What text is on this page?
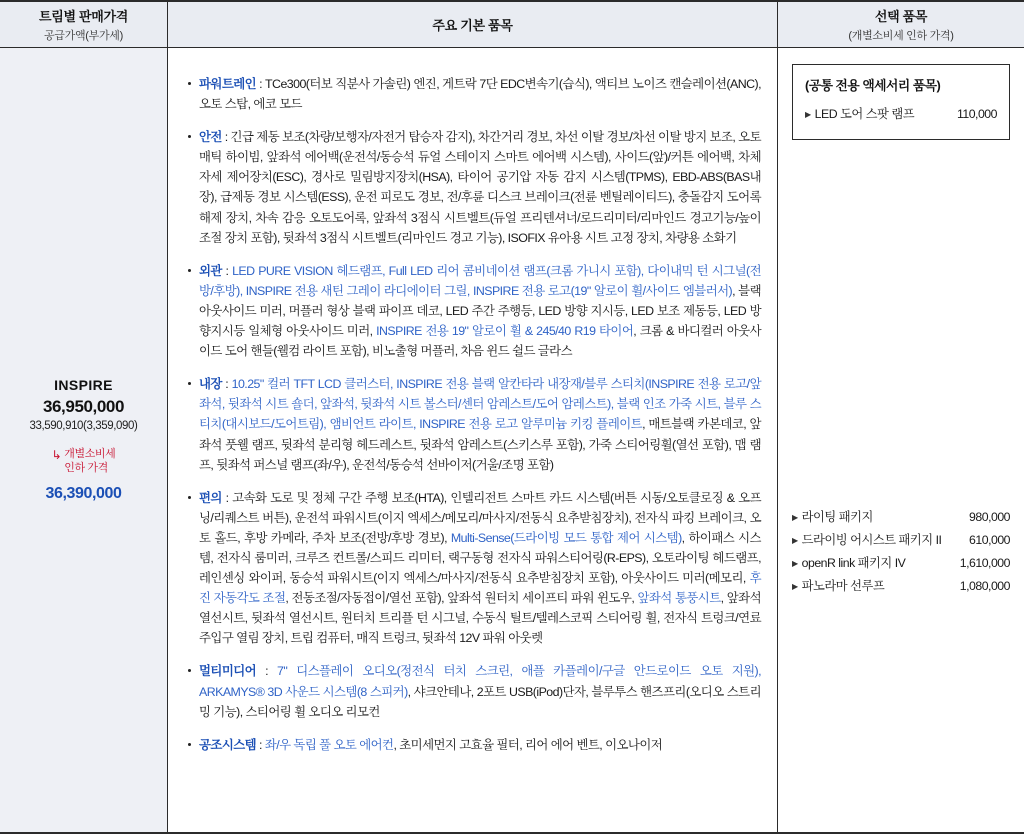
트림별 판매가격
공급가액(부가세)
주요 기본 품목
선택 품목
(개별소비세 인하 가격)
INSPIRE
36,950,000
33,590,910(3,359,090)
↳ 개별소비세
인하 가격
36,390,000
파워트레인 : TCe300(터보 직분사 가솔린) 엔진, 게트락 7단 EDC변속기(습식), 액티브 노이즈 캔슬레이션(ANC), 오토 스탑, 에코 모드
안전 : 긴급 제동 보조(차량/보행자/자전거 탑승자 감지), 차간거리 경보, 차선 이탈 경보/차선 이탈 방지 보조, 오토매틱 하이빔, 앞좌석 에어백(운전석/동승석 듀얼 스테이지 스마트 에어백 시스템), 사이드(앞)/커튼 에어백, 차체 자세 제어장치(ESC), 경사로 밀림방지장치(HSA), 타이어 공기압 자동 감지 시스템(TPMS), EBD-ABS(BAS내장), 급제동 경보 시스템(ESS), 운전 피로도 경보, 전/후륜 디스크 브레이크(전륜 벤틸레이티드), 충돌감지 도어록 해제 장치, 차속 감응 오토도어록, 앞좌석 3점식 시트벨트(듀얼 프리텐셔너/로드리미터/리마인드 경고기능/높이 조절 장치 포함), 뒷좌석 3점식 시트벨트(리마인드 경고 기능), ISOFIX 유아용 시트 고정 장치, 차량용 소화기
외관 : LED PURE VISION 헤드램프, Full LED 리어 콤비네이션 램프(크롬 가니시 포함), 다이내믹 턴 시그널(전방/후방), INSPIRE 전용 새틴 그레이 라디에이터 그릴, INSPIRE 전용 로고(19" 알로이 휠/사이드 엠블러서), 블랙 아웃사이드 미러, 머플러 형상 블랙 파이프 데코, LED 주간 주행등, LED 방향 지시등, LED 보조 제동등, LED 방향지시등 일체형 아웃사이드 미러, INSPIRE 전용 19" 알로이 휠 & 245/40 R19 타이어, 크롬 & 바디컬러 아웃사이드 도어 핸들(웰컴 라이트 포함), 비노출형 머플러, 차음 윈드 쉴드 글라스
내장 : 10.25" 컬러 TFT LCD 클러스터, INSPIRE 전용 블랙 알칸타라 내장재/블루 스티치(INSPIRE 전용 로고/앞좌석, 뒷좌석 시트 숄더, 앞좌석, 뒷좌석 시트 볼스터/센터 암레스트/도어 암레스트), 블랙 인조 가죽 시트, 블루 스티치(대시보드/도어트림), 앰비언트 라이트, INSPIRE 전용 로고 알루미늄 키킹 플레이트, 매트블랙 카본데코, 앞좌석 풋웰 램프, 뒷좌석 분리형 헤드레스트, 뒷좌석 암레스트(스키스루 포함), 가죽 스티어링휠(열선 포함), 맵 램프, 뒷좌석 퍼스널 램프(좌/우), 운전석/동승석 선바이저(거울/조명 포함)
편의 : 고속화 도로 및 정체 구간 주행 보조(HTA), 인텔리전트 스마트 카드 시스템(버튼 시동/오토클로징 & 오프닝/리퀘스트 버튼), 운전석 파워시트(이지 엑세스/메모리/마사지/전동식 요추받침장치), 전자식 파킹 브레이크, 오토 홀드, 후방 카메라, 주차 보조(전방/후방 경보), Multi-Sense(드라이빙 모드 통합 제어 시스템), 하이패스 시스템, 전자식 룸미러, 크루즈 컨트롤/스피드 리미터, 랙구동형 전자식 파워스티어링(R-EPS), 오토라이팅 헤드램프, 레인센싱 와이퍼, 동승석 파워시트(이지 엑세스/마사지/전동식 요추받침장치 포함), 아웃사이드 미러(메모리, 후진 자동각도 조절, 전동조절/자동접이/열선 포함), 앞좌석 원터치 세이프티 파워 윈도우, 앞좌석 통풍시트, 앞좌석 열선시트, 뒷좌석 열선시트, 원터치 트리플 턴 시그널, 수동식 틸트/텔레스코픽 스티어링 휠, 전자식 트렁크/연료주입구 열림 장치, 트립 컴퓨터, 매직 트렁크, 뒷좌석 12V 파워 아웃렛
멀티미디어 : 7" 디스플레이 오디오(정전식 터치 스크린, 애플 카플레이/구글 안드로이드 오토 지원), ARKAMYS® 3D 사운드 시스템(8 스피커), 샤크안테나, 2포트 USB(iPod)단자, 블루투스 핸즈프리(오디오 스트리밍 기능), 스티어링 휠 오디오 리모컨
공조시스템 : 좌/우 독립 풀 오토 에어컨, 초미세먼지 고효율 필터, 리어 에어 벤트, 이오나이저
(공통 전용 액세서리 품목)
▶ LED 도어 스팟 램프	110,000
▶ 라이팅 패키지	980,000
▶ 드라이빙 어시스트 패키지 II 610,000
▶ openR link 패키지 IV	1,610,000
▶ 파노라마 선루프	1,080,000
